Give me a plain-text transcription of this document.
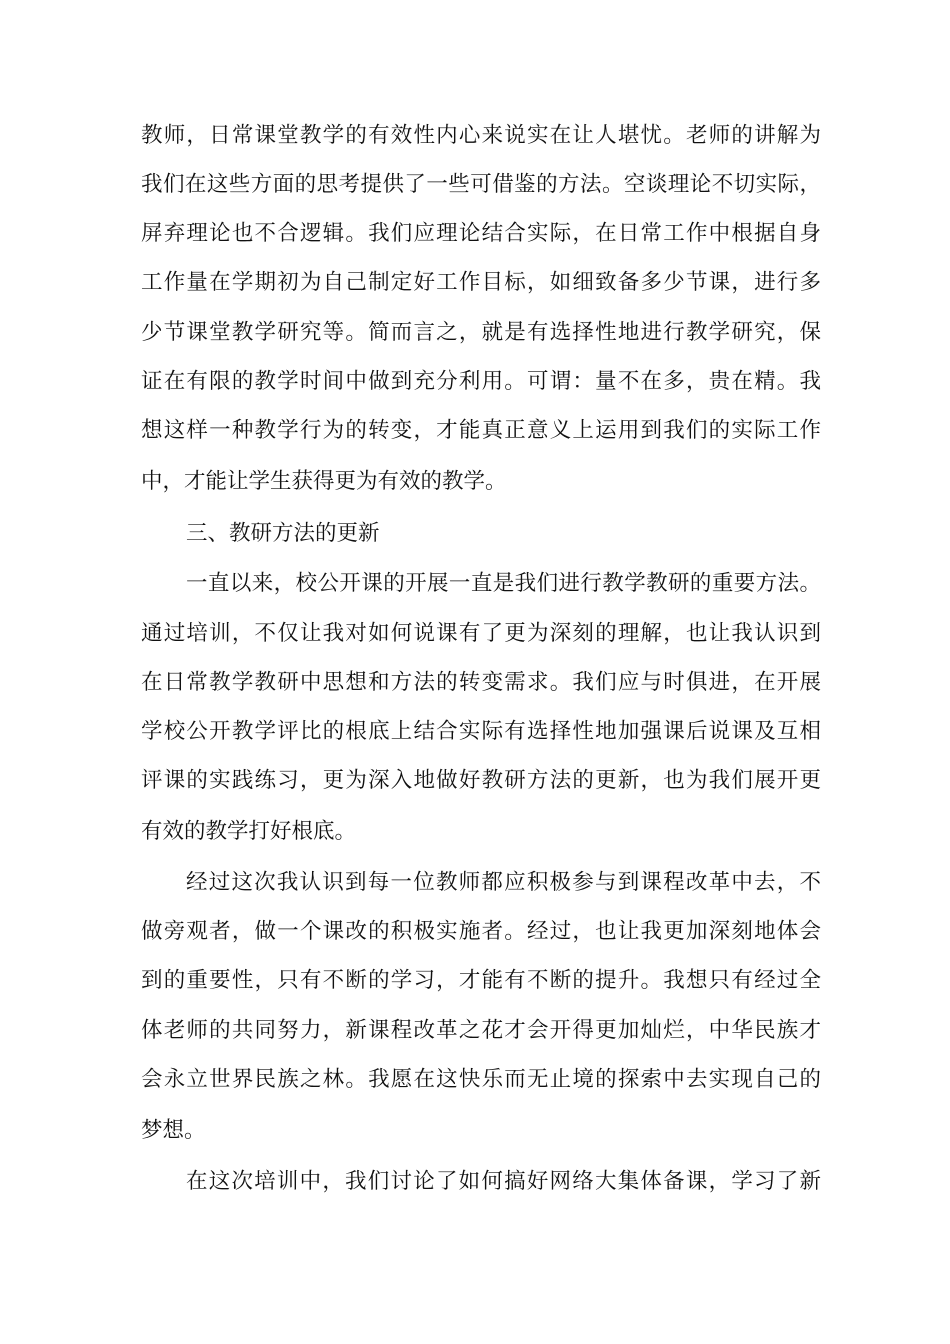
教师，日常课堂教学的有效性内心来说实在让人堪忧。老师的讲解为
我们在这些方面的思考提供了一些可借鉴的方法。空谈理论不切实际，
屏弃理论也不合逻辑。我们应理论结合实际，在日常工作中根据自身
工作量在学期初为自己制定好工作目标，如细致备多少节课，进行多
少节课堂教学研究等。简而言之，就是有选择性地进行教学研究，保
证在有限的教学时间中做到充分利用。可谓：量不在多，贵在精。我
想这样一种教学行为的转变，才能真正意义上运用到我们的实际工作
中，才能让学生获得更为有效的教学。
三、教研方法的更新
一直以来，校公开课的开展一直是我们进行教学教研的重要方法。
通过培训，不仅让我对如何说课有了更为深刻的理解，也让我认识到
在日常教学教研中思想和方法的转变需求。我们应与时俱进，在开展
学校公开教学评比的根底上结合实际有选择性地加强课后说课及互相
评课的实践练习，更为深入地做好教研方法的更新，也为我们展开更
有效的教学打好根底。
经过这次我认识到每一位教师都应积极参与到课程改革中去，不
做旁观者，做一个课改的积极实施者。经过，也让我更加深刻地体会
到的重要性，只有不断的学习，才能有不断的提升。我想只有经过全
体老师的共同努力，新课程改革之花才会开得更加灿烂，中华民族才
会永立世界民族之林。我愿在这快乐而无止境的探索中去实现自己的
梦想。
在这次培训中，我们讨论了如何搞好网络大集体备课，学习了新
